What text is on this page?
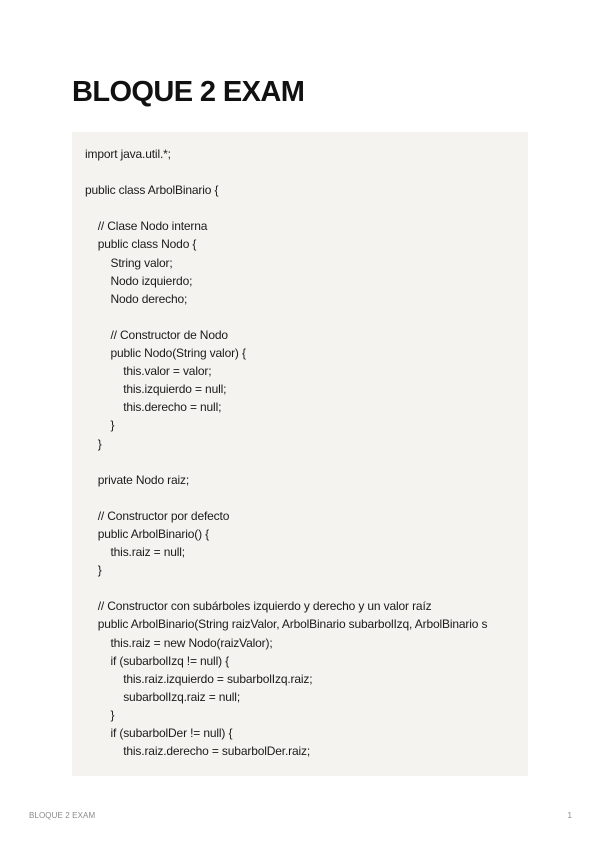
BLOQUE 2 EXAM
import java.util.*;
public class ArbolBinario {
// Clase Nodo interna
public class Nodo {
String valor;
Nodo izquierdo;
Nodo derecho;
// Constructor de Nodo
public Nodo(String valor) {
this.valor = valor;
this.izquierdo = null;
this.derecho = null;
}
}
private Nodo raiz;
// Constructor por defecto
public ArbolBinario() {
this.raiz = null;
}
// Constructor con subárboles izquierdo y derecho y un valor raíz
public ArbolBinario(String raizValor, ArbolBinario subarbolIzq, ArbolBinario s
this.raiz = new Nodo(raizValor);
if (subarbolIzq != null) {
this.raiz.izquierdo = subarbolIzq.raiz;
subarbolIzq.raiz = null;
}
if (subarbolDer != null) {
this.raiz.derecho = subarbolDer.raiz;
BLOQUE 2 EXAM	1
